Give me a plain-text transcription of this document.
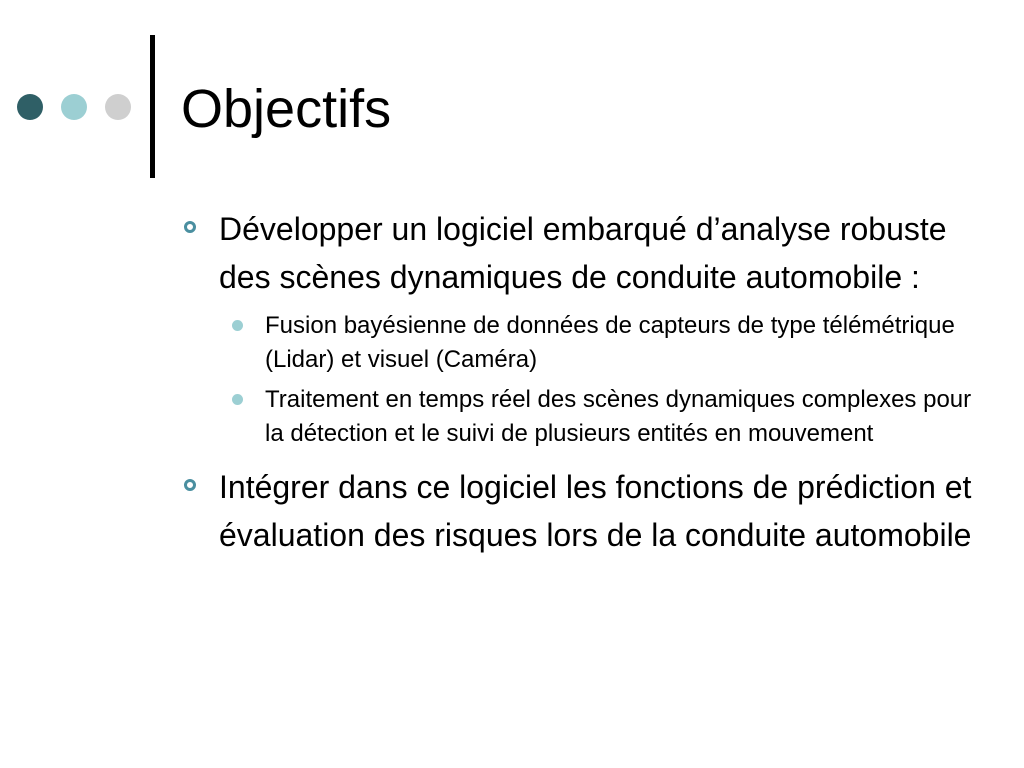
Objectifs
Développer un logiciel embarqué d’analyse robuste des scènes dynamiques de conduite automobile :
Fusion bayésienne de données de capteurs de type télémétrique (Lidar) et visuel (Caméra)
Traitement en temps réel des scènes dynamiques complexes pour la détection et le suivi de plusieurs entités en mouvement
Intégrer dans ce logiciel les fonctions de prédiction et évaluation des risques lors de la conduite automobile
